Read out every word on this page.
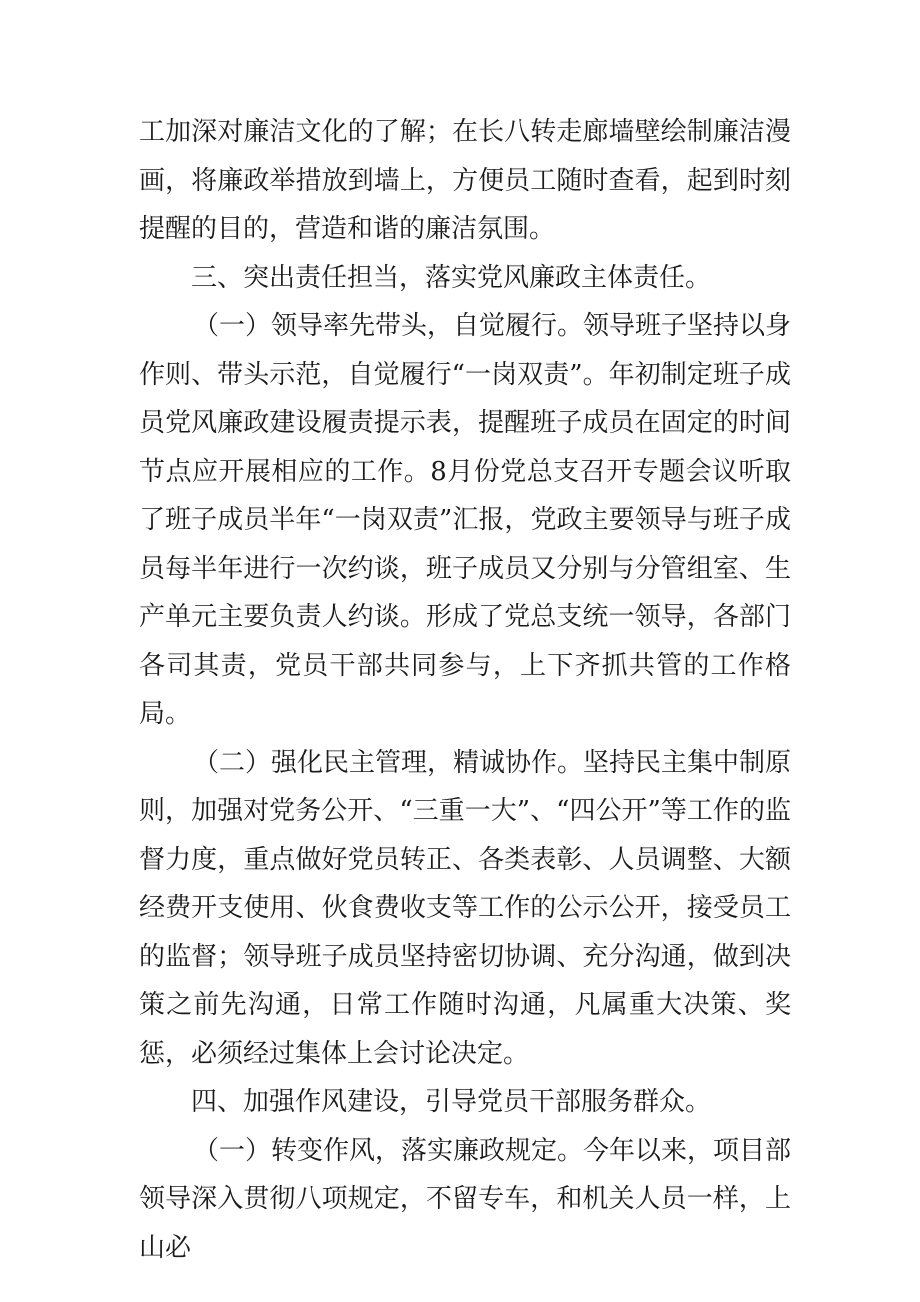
工加深对廉洁文化的了解；在长八转走廊墙壁绘制廉洁漫画，将廉政举措放到墙上，方便员工随时查看，起到时刻提醒的目的，营造和谐的廉洁氛围。

三、突出责任担当，落实党风廉政主体责任。

（一）领导率先带头，自觉履行。领导班子坚持以身作则、带头示范，自觉履行“一岗双责”。年初制定班子成员党风廉政建设履责提示表，提醒班子成员在固定的时间节点应开展相应的工作。8月份党总支召开专题会议听取了班子成员半年“一岗双责”汇报，党政主要领导与班子成员每半年进行一次约谈，班子成员又分别与分管组室、生产单元主要负责人约谈。形成了党总支统一领导，各部门各司其责，党员干部共同参与，上下齐抓共管的工作格局。

（二）强化民主管理，精诚协作。坚持民主集中制原则，加强对党务公开、“三重一大”、“四公开”等工作的监督力度，重点做好党员转正、各类表彰、人员调整、大额经费开支使用、伙食费收支等工作的公示公开，接受员工的监督；领导班子成员坚持密切协调、充分沟通，做到决策之前先沟通，日常工作随时沟通，凡属重大决策、奖惩，必须经过集体上会讨论决定。

四、加强作风建设，引导党员干部服务群众。

（一）转变作风，落实廉政规定。今年以来，项目部领导深入贯彻八项规定，不留专车，和机关人员一样，上山必
